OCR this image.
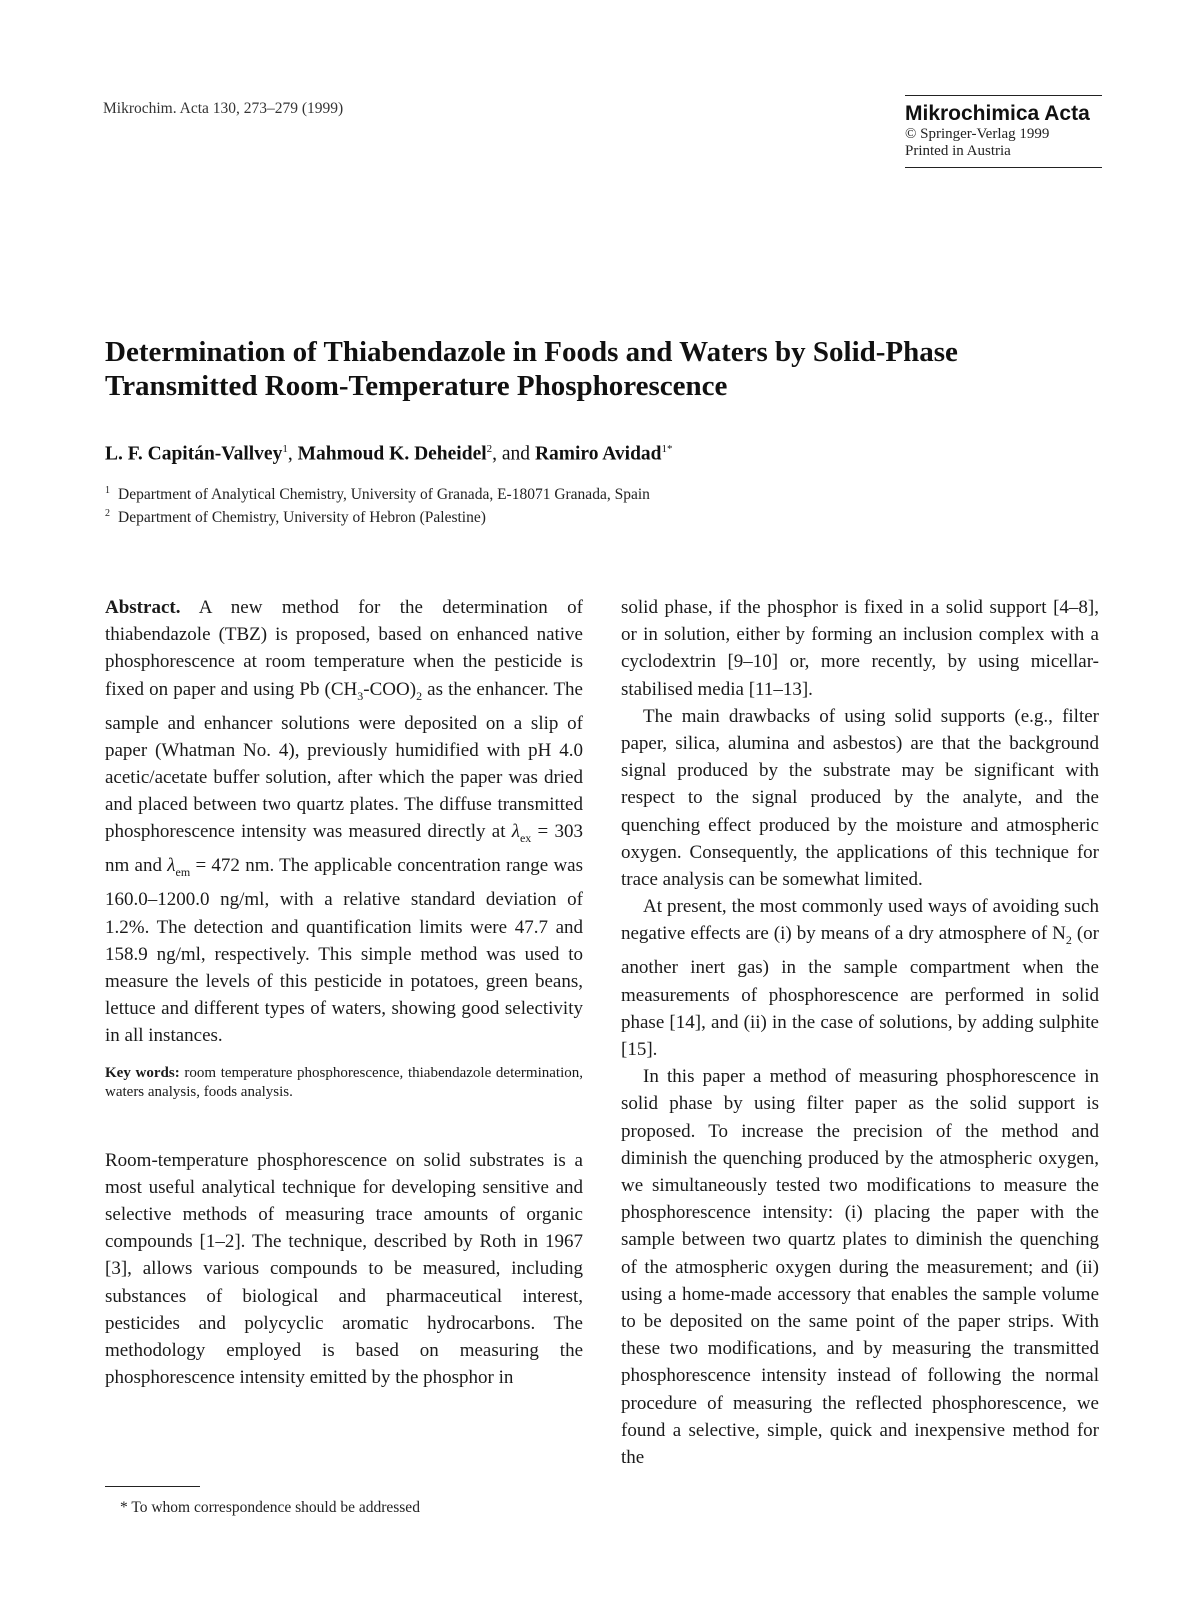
Mikrochim. Acta 130, 273–279 (1999)	Mikrochimica Acta
© Springer-Verlag 1999
Printed in Austria
Determination of Thiabendazole in Foods and Waters by Solid-Phase Transmitted Room-Temperature Phosphorescence
L. F. Capitán-Vallvey$^1$, Mahmoud K. Deheidel$^2$, and Ramiro Avidad$^{1*}$
$^1$ Department of Analytical Chemistry, University of Granada, E-18071 Granada, Spain
$^2$ Department of Chemistry, University of Hebron (Palestine)

Abstract. A new method for the determination of thiabendazole (TBZ) is proposed, based on enhanced native phosphorescence at room temperature when the pesticide is fixed on paper and using Pb $(CH_3-COO)_2$ as the enhancer. The sample and enhancer solutions were deposited on a slip of paper (Whatman No. 4), previously humidified with pH 4.0 acetic/acetate buffer solution, after which the paper was dried and placed between two quartz plates. The diffuse transmitted phosphorescence intensity was measured directly at $\lambda_{ex} = 303$ nm and $\lambda_{em} = 472$ nm. The applicable concentration range was 160.0–1200.0 ng/ml, with a relative standard deviation of 1.2%. The detection and quantification limits were 47.7 and 158.9 ng/ml, respectively. This simple method was used to measure the levels of this pesticide in potatoes, green beans, lettuce and different types of waters, showing good selectivity in all instances.

Key words: room temperature phosphorescence, thiabendazole determination, waters analysis, foods analysis.

Room-temperature phosphorescence on solid substrates is a most useful analytical technique for developing sensitive and selective methods of measuring trace amounts of organic compounds [1–2]. The technique, described by Roth in 1967 [3], allows various compounds to be measured, including substances of biological and pharmaceutical interest, pesticides and polycyclic aromatic hydrocarbons. The methodology employed is based on measuring the phosphorescence intensity emitted by the phosphor in

solid phase, if the phosphor is fixed in a solid support [4–8], or in solution, either by forming an inclusion complex with a cyclodextrin [9–10] or, more recently, by using micellar-stabilised media [11–13].

The main drawbacks of using solid supports (e.g., filter paper, silica, alumina and asbestos) are that the background signal produced by the substrate may be significant with respect to the signal produced by the analyte, and the quenching effect produced by the moisture and atmospheric oxygen. Consequently, the applications of this technique for trace analysis can be somewhat limited.

At present, the most commonly used ways of avoiding such negative effects are (i) by means of a dry atmosphere of $N_2$ (or another inert gas) in the sample compartment when the measurements of phosphorescence are performed in solid phase [14], and (ii) in the case of solutions, by adding sulphite [15].

In this paper a method of measuring phosphorescence in solid phase by using filter paper as the solid support is proposed. To increase the precision of the method and diminish the quenching produced by the atmospheric oxygen, we simultaneously tested two modifications to measure the phosphorescence intensity: (i) placing the paper with the sample between two quartz plates to diminish the quenching of the atmospheric oxygen during the measurement; and (ii) using a home-made accessory that enables the sample volume to be deposited on the same point of the paper strips. With these two modifications, and by measuring the transmitted phosphorescence intensity instead of following the normal procedure of measuring the reflected phosphorescence, we found a selective, simple, quick and inexpensive method for the

* To whom correspondence should be addressed
